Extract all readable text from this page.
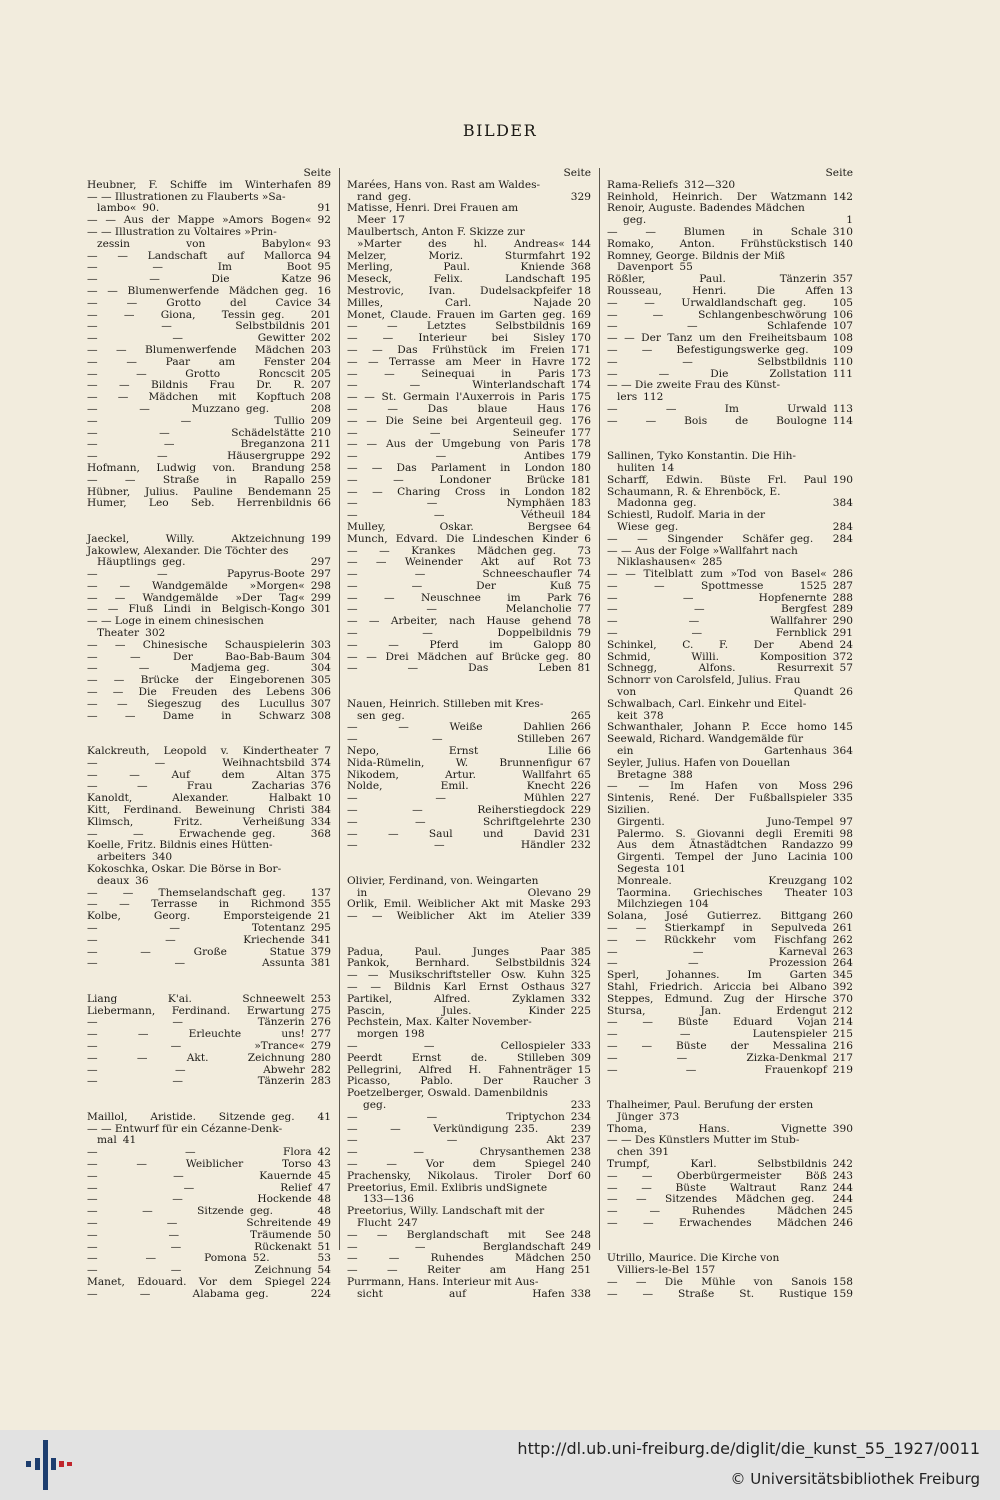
BILDER
Seite
Heubner, F. Schiffe im Winterhafen 89
— — Illustrationen zu Flauberts »Sa-
lambo« 90. 91
— — Aus der Mappe »Amors Bogen« 92
— — Illustration zu Voltaires »Prin-
zessin von Babylon« 93
— — Landschaft auf Mallorca 94
— — Im Boot 95
— — Die Katze 96
— — Blumenwerfende Mädchen geg. 16
— — Grotto del Cavice 34
— — Giona, Tessin geg. 201
— — Selbstbildnis 201
— — Gewitter 202
— — Blumenwerfende Mädchen 203
— — Paar am Fenster 204
— — Grotto Roncscit 205
— — Bildnis Frau Dr. R. 207
— — Mädchen mit Kopftuch 208
— — Muzzano geg. 208
— — Tullio 209
— — Schädelstätte 210
— — Breganzona 211
— — Häusergruppe 292
Hofmann, Ludwig von. Brandung 258
— — Straße in Rapallo 259
Hübner, Julius. Pauline Bendemann 25
Humer, Leo Seb. Herrenbildnis 66
Jaeckel, Willy. Aktzeichnung 199
Jakowlew, Alexander. Die Töchter des
Häuptlings geg. 297
— — Papyrus-Boote 297
— — Wandgemälde »Morgen« 298
— — Wandgemälde »Der Tag« 299
— — Fluß Lindi in Belgisch-Kongo 301
— — Loge in einem chinesischen
Theater 302
— — Chinesische Schauspielerin 303
— — Der Bao-Bab-Baum 304
— — Madjema geg. 304
— — Brücke der Eingeborenen 305
— — Die Freuden des Lebens 306
— — Siegeszug des Lucullus 307
— — Dame in Schwarz 308
Kalckreuth, Leopold v. Kindertheater 7
— — Weihnachtsbild 374
— — Auf dem Altan 375
— — Frau Zacharias 376
Kanoldt, Alexander. Halbakt 10
Kitt, Ferdinand. Beweinung Christi 384
Klimsch, Fritz. Verheißung 334
— — Erwachende geg. 368
Koelle, Fritz. Bildnis eines Hütten-
arbeiters 340
Kokoschka, Oskar. Die Börse in Bor-
deaux 36
— — Themselandschaft geg. 137
— — Terrasse in Richmond 355
Kolbe, Georg. Emporsteigende 21
— — Totentanz 295
— — Kriechende 341
— — Große Statue 379
— — Assunta 381
Liang K'ai. Schneewelt 253
Liebermann, Ferdinand. Erwartung 275
— — Tänzerin 276
— — Erleuchte uns! 277
— — »Trance« 279
— — Akt. Zeichnung 280
— — Abwehr 282
— — Tänzerin 283
Maillol, Aristide. Sitzende geg. 41
— — Entwurf für ein Cézanne-Denk-
mal 41
— — Flora 42
— — Weiblicher Torso 43
— — Kauernde 45
— — Relief 47
— — Hockende 48
— — Sitzende geg. 48
— — Schreitende 49
— — Träumende 50
— — Rückenakt 51
— — Pomona 52. 53
— — Zeichnung 54
Manet, Edouard. Vor dem Spiegel 224
— — Alabama geg. 224
Seite
Marées, Hans von. Rast am Waldes-
rand geg. 329
Matisse, Henri. Drei Frauen am
Meer 17
Maulbertsch, Anton F. Skizze zur
»Marter des hl. Andreas« 144
Melzer, Moriz. Sturmfahrt 192
Merling, Paul. Kniende 368
Meseck, Felix. Landschaft 195
Mestrovic, Ivan. Dudelsackpfeifer 18
Milles, Carl. Najade 20
Monet, Claude. Frauen im Garten geg. 169
— — Letztes Selbstbildnis 169
— — Interieur bei Sisley 170
— — Das Frühstück im Freien 171
— — Terrasse am Meer in Havre 172
— — Seinequai in Paris 173
— — Winterlandschaft 174
— — St. Germain l'Auxerrois in Paris 175
— — Das blaue Haus 176
— — Die Seine bei Argenteuil geg. 176
— — Seineufer 177
— — Aus der Umgebung von Paris 178
— — Antibes 179
— — Das Parlament in London 180
— — Londoner Brücke 181
— — Charing Cross in London 182
— — Nymphäen 183
— — Vétheuil 184
Mulley, Oskar. Bergsee 64
Munch, Edvard. Die Lindeschen Kinder 6
— — Krankes Mädchen geg. 73
— — Weinender Akt auf Rot 73
— — Schneeschaufler 74
— — Der Kuß 75
— — Neuschnee im Park 76
— — Melancholie 77
— — Arbeiter, nach Hause gehend 78
— — Doppelbildnis 79
— — Pferd im Galopp 80
— — Drei Mädchen auf Brücke geg. 80
— — Das Leben 81
Nauen, Heinrich. Stilleben mit Kres-
sen geg. 265
— — Weiße Dahlien 266
— — Stilleben 267
Nepo, Ernst Lilie 66
Nida-Rümelin, W. Brunnenfigur 67
Nikodem, Artur. Wallfahrt 65
Nolde, Emil. Knecht 226
— — Mühlen 227
— — Reiherstiegdock 229
— — Schriftgelehrte 230
— — Saul und David 231
— — Händler 232
Olivier, Ferdinand, von. Weingarten
in Olevano 29
Orlik, Emil. Weiblicher Akt mit Maske 293
— — Weiblicher Akt im Atelier 339
Padua, Paul. Junges Paar 385
Pankok, Bernhard. Selbstbildnis 324
— — Musikschriftsteller Osw. Kuhn 325
— — Bildnis Karl Ernst Osthaus 327
Partikel, Alfred. Zyklamen 332
Pascin, Jules. Kinder 225
Pechstein, Max. Kalter November-
morgen 198
— — Cellospieler 333
Peerdt Ernst de. Stilleben 309
Pellegrini, Alfred H. Fahnenträger 15
Picasso, Pablo. Der Raucher 3
Poetzelberger, Oswald. Damenbildnis
geg. 233
— — Triptychon 234
— — Verkündigung 235. 239
— — Akt 237
— — Chrysanthemen 238
— — Vor dem Spiegel 240
Prachensky, Nikolaus. Tiroler Dorf 60
Preetorius, Emil. Exlibris undSignete
133—136
Preetorius, Willy. Landschaft mit der
Flucht 247
— — Berglandschaft mit See 248
— — Berglandschaft 249
— — Ruhendes Mädchen 250
— — Reiter am Hang 251
Purrmann, Hans. Interieur mit Aus-
sicht auf Hafen 338
Seite
Rama-Reliefs 312—320
Reinhold, Heinrich. Der Watzmann 142
Renoir, Auguste. Badendes Mädchen
geg. 1
— — Blumen in Schale 310
Romako, Anton. Frühstückstisch 140
Romney, George. Bildnis der Miß
Davenport 55
Rößler, Paul. Tänzerin 357
Rousseau, Henri. Die Affen 13
— — Urwaldlandschaft geg. 105
— — Schlangenbeschwörung 106
— — Schlafende 107
— — Der Tanz um den Freiheitsbaum 108
— — Befestigungswerke geg. 109
— — Selbstbildnis 110
— — Die Zollstation 111
— — Die zweite Frau des Künst-
lers 112
— — Im Urwald 113
— — Bois de Boulogne 114
Sallinen, Tyko Konstantin. Die Hih-
huliten 14
Scharff, Edwin. Büste Frl. Paul 190
Schaumann, R. & Ehrenböck, E.
Madonna geg. 384
Schiestl, Rudolf. Maria in der
Wiese geg. 284
— — Singender Schäfer geg. 284
— — Aus der Folge »Wallfahrt nach
Niklashausen« 285
— — Titelblatt zum »Tod von Basel« 286
— — Spottmesse 1525 287
— — Hopfenernte 288
— — Bergfest 289
— — Wallfahrer 290
— — Fernblick 291
Schinkel, C. F. Der Abend 24
Schmid, Willi. Komposition 372
Schnegg, Alfons. Resurrexit 57
Schnorr von Carolsfeld, Julius. Frau
von Quandt 26
Schwalbach, Carl. Einkehr und Eitel-
keit 378
Schwanthaler, Johann P. Ecce homo 145
Seewald, Richard. Wandgemälde für
ein Gartenhaus 364
Seyler, Julius. Hafen von Douellan
Bretagne 388
— — Im Hafen von Moss 296
Sintenis, René. Der Fußballspieler 335
Sizilien.
Girgenti. Juno-Tempel 97
Palermo. S. Giovanni degli Eremiti 98
Aus dem Ätnastädtchen Randazzo 99
Girgenti. Tempel der Juno Lacinia 100
Segesta 101
Monreale. Kreuzgang 102
Taormina. Griechisches Theater 103
Milchziegen 104
Solana, José Gutierrez. Bittgang 260
— — Stierkampf in Sepulveda 261
— — Rückkehr vom Fischfang 262
— — Karneval 263
— — Prozession 264
Sperl, Johannes. Im Garten 345
Stahl, Friedrich. Ariccia bei Albano 392
Steppes, Edmund. Zug der Hirsche 370
Stursa, Jan. Erdengut 212
— — Büste Eduard Vojan 214
— — Lautenspieler 215
— — Büste der Messalina 216
— — Zizka-Denkmal 217
— — Frauenkopf 219
Thalheimer, Paul. Berufung der ersten
Jünger 373
Thoma, Hans. Vignette 390
— — Des Künstlers Mutter im Stub-
chen 391
Trumpf, Karl. Selbstbildnis 242
— — Oberbürgermeister Böß 243
— — Büste Waltraut Ranz 244
— — Sitzendes Mädchen geg. 244
— — Ruhendes Mädchen 245
— — Erwachendes Mädchen 246
Utrillo, Maurice. Die Kirche von
Villiers-le-Bel 157
— — Die Mühle von Sanois 158
— — Straße St. Rustique 159
http://dl.ub.uni-freiburg.de/diglit/die_kunst_55_1927/0011
© Universitätsbibliothek Freiburg
